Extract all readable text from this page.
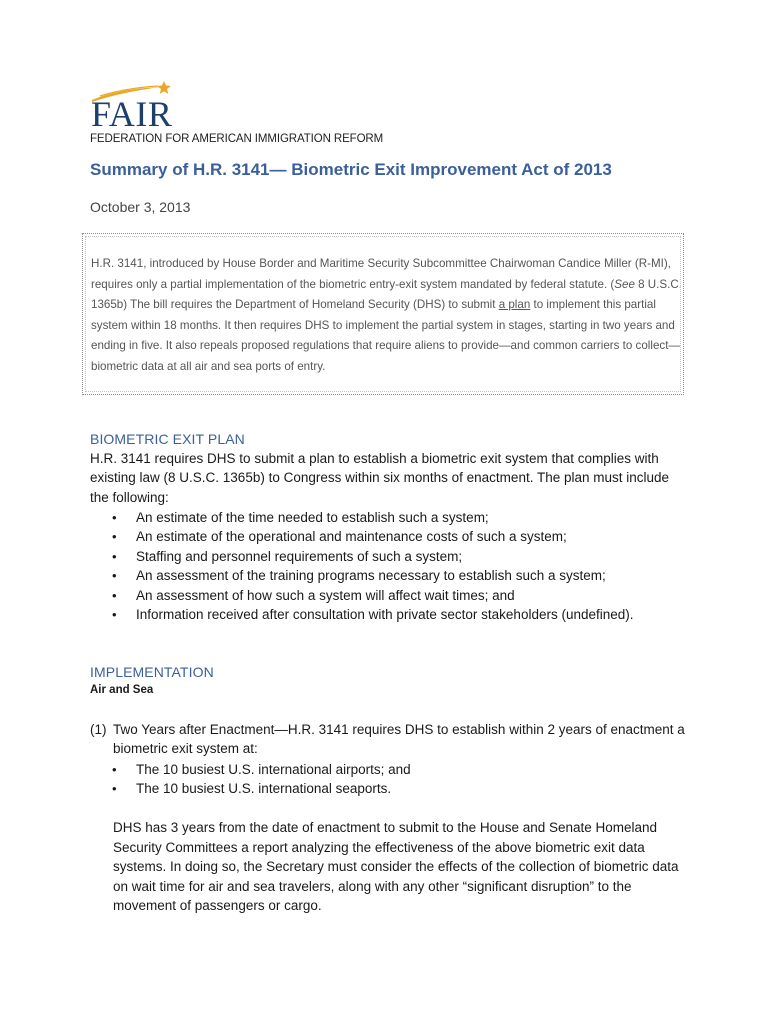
FAIR
FEDERATION FOR AMERICAN IMMIGRATION REFORM
Summary of H.R. 3141— Biometric Exit Improvement Act of 2013
October 3, 2013
H.R. 3141, introduced by House Border and Maritime Security Subcommittee Chairwoman Candice Miller (R-MI), requires only a partial implementation of the biometric entry-exit system mandated by federal statute. (See 8 U.S.C. 1365b) The bill requires the Department of Homeland Security (DHS) to submit a plan to implement this partial system within 18 months. It then requires DHS to implement the partial system in stages, starting in two years and ending in five. It also repeals proposed regulations that require aliens to provide—and common carriers to collect—biometric data at all air and sea ports of entry.
BIOMETRIC EXIT PLAN
H.R. 3141 requires DHS to submit a plan to establish a biometric exit system that complies with existing law (8 U.S.C. 1365b) to Congress within six months of enactment. The plan must include the following:
• An estimate of the time needed to establish such a system;
• An estimate of the operational and maintenance costs of such a system;
• Staffing and personnel requirements of such a system;
• An assessment of the training programs necessary to establish such a system;
• An assessment of how such a system will affect wait times; and
• Information received after consultation with private sector stakeholders (undefined).
IMPLEMENTATION
Air and Sea
(1) Two Years after Enactment—H.R. 3141 requires DHS to establish within 2 years of enactment a biometric exit system at:
• The 10 busiest U.S. international airports; and
• The 10 busiest U.S. international seaports.
DHS has 3 years from the date of enactment to submit to the House and Senate Homeland Security Committees a report analyzing the effectiveness of the above biometric exit data systems. In doing so, the Secretary must consider the effects of the collection of biometric data on wait time for air and sea travelers, along with any other “significant disruption” to the movement of passengers or cargo.
